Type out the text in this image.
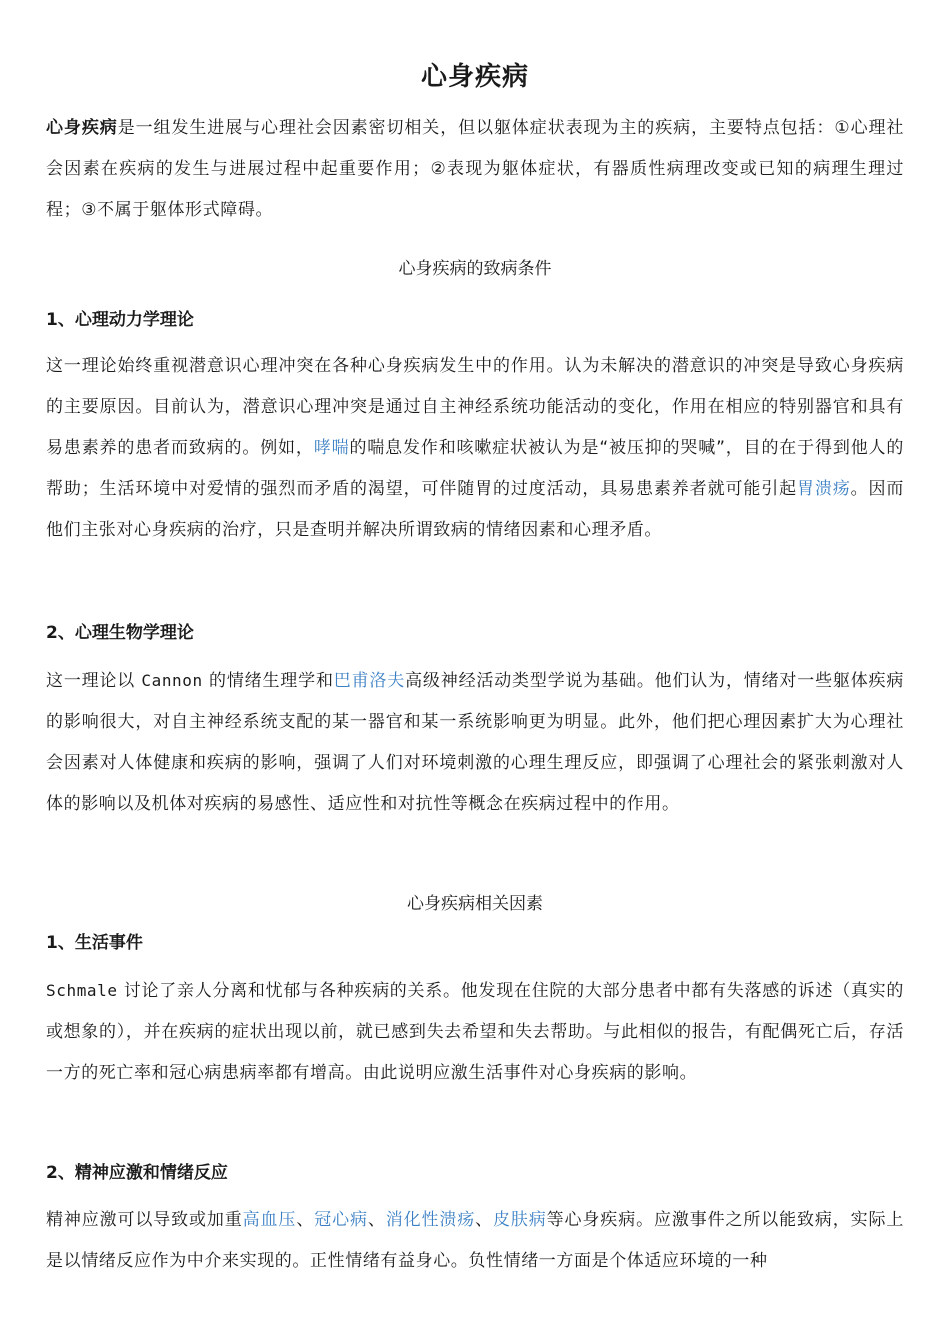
心身疾病
心身疾病是一组发生进展与心理社会因素密切相关，但以躯体症状表现为主的疾病，主要特点包括：①心理社会因素在疾病的发生与进展过程中起重要作用；②表现为躯体症状，有器质性病理改变或已知的病理生理过程；③不属于躯体形式障碍。
心身疾病的致病条件
1、心理动力学理论
这一理论始终重视潜意识心理冲突在各种心身疾病发生中的作用。认为未解决的潜意识的冲突是导致心身疾病的主要原因。目前认为，潜意识心理冲突是通过自主神经系统功能活动的变化，作用在相应的特别器官和具有易患素养的患者而致病的。例如，哮喘的喘息发作和咳嗽症状被认为是“被压抑的哭喊”，目的在于得到他人的帮助；生活环境中对爱情的强烈而矛盾的渴望，可伴随胃的过度活动，具易患素养者就可能引起胃溃疡。因而他们主张对心身疾病的治疗，只是查明并解决所谓致病的情绪因素和心理矛盾。
2、心理生物学理论
这一理论以 Cannon 的情绪生理学和巴甫洛夫高级神经活动类型学说为基础。他们认为，情绪对一些躯体疾病的影响很大，对自主神经系统支配的某一器官和某一系统影响更为明显。此外，他们把心理因素扩大为心理社会因素对人体健康和疾病的影响，强调了人们对环境刺激的心理生理反应，即强调了心理社会的紧张刺激对人体的影响以及机体对疾病的易感性、适应性和对抗性等概念在疾病过程中的作用。
心身疾病相关因素
1、生活事件
Schmale 讨论了亲人分离和忧郁与各种疾病的关系。他发现在住院的大部分患者中都有失落感的诉述（真实的或想象的），并在疾病的症状出现以前，就已感到失去希望和失去帮助。与此相似的报告，有配偶死亡后，存活一方的死亡率和冠心病患病率都有增高。由此说明应激生活事件对心身疾病的影响。
2、精神应激和情绪反应
精神应激可以导致或加重高血压、冠心病、消化性溃疡、皮肤病等心身疾病。应激事件之所以能致病，实际上是以情绪反应作为中介来实现的。正性情绪有益身心。负性情绪一方面是个体适应环境的一种
